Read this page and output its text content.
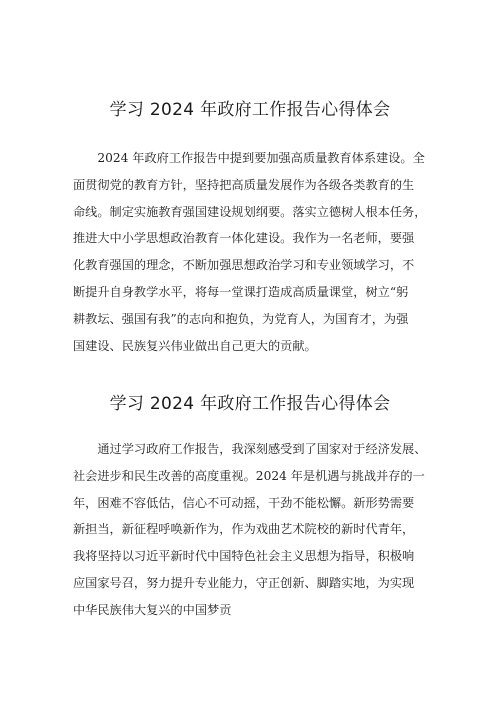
学习 2024 年政府工作报告心得体会
　　2024 年政府工作报告中提到要加强高质量教育体系建设。全
面贯彻党的教育方针，坚持把高质量发展作为各级各类教育的生
命线。制定实施教育强国建设规划纲要。落实立德树人根本任务，
推进大中小学思想政治教育一体化建设。我作为一名老师，要强
化教育强国的理念，不断加强思想政治学习和专业领域学习，不
断提升自身教学水平，将每一堂课打造成高质量课堂，树立“躬
耕教坛、强国有我”的志向和抱负，为党育人，为国育才，为强
国建设、民族复兴伟业做出自己更大的贡献。
学习 2024 年政府工作报告心得体会
　　通过学习政府工作报告，我深刻感受到了国家对于经济发展、
社会进步和民生改善的高度重视。2024 年是机遇与挑战并存的一
年，困难不容低估，信心不可动摇，干劲不能松懈。新形势需要
新担当，新征程呼唤新作为，作为戏曲艺术院校的新时代青年，
我将坚持以习近平新时代中国特色社会主义思想为指导，积极响
应国家号召，努力提升专业能力，守正创新、脚踏实地，为实现
中华民族伟大复兴的中国梦贡
